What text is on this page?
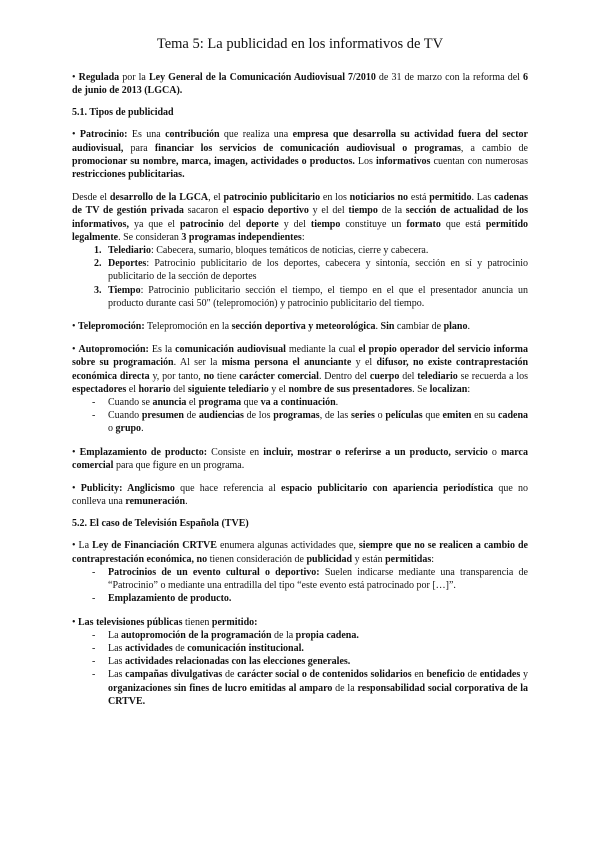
Tema 5: La publicidad en los informativos de TV

• Regulada por la Ley General de la Comunicación Audiovisual 7/2010 de 31 de marzo con la reforma del 6 de junio de 2013 (LGCA).

5.1. Tipos de publicidad

• Patrocinio: Es una contribución que realiza una empresa que desarrolla su actividad fuera del sector audiovisual, para financiar los servicios de comunicación audiovisual o programas, a cambio de promocionar su nombre, marca, imagen, actividades o productos. Los informativos cuentan con numerosas restricciones publicitarias.

Desde el desarrollo de la LGCA, el patrocinio publicitario en los noticiarios no está permitido. Las cadenas de TV de gestión privada sacaron el espacio deportivo y el del tiempo de la sección de actualidad de los informativos, ya que el patrocinio del deporte y del tiempo constituye un formato que está permitido legalmente. Se consideran 3 programas independientes:

1. Telediario: Cabecera, sumario, bloques temáticos de noticias, cierre y cabecera.
2. Deportes: Patrocinio publicitario de los deportes, cabecera y sintonía, sección en sí y patrocinio publicitario de la sección de deportes
3. Tiempo: Patrocinio publicitario sección el tiempo, el tiempo en el que el presentador anuncia un producto durante casi 50" (telepromoción) y patrocinio publicitario del tiempo.

• Telepromoción: Telepromoción en la sección deportiva y meteorológica. Sin cambiar de plano.

• Autopromoción: Es la comunicación audiovisual mediante la cual el propio operador del servicio informa sobre su programación. Al ser la misma persona el anunciante y el difusor, no existe contraprestación económica directa y, por tanto, no tiene carácter comercial. Dentro del cuerpo del telediario se recuerda a los espectadores el horario del siguiente telediario y el nombre de sus presentadores. Se localizan:

- Cuando se anuncia el programa que va a continuación.
- Cuando presumen de audiencias de los programas, de las series o películas que emiten en su cadena o grupo.

• Emplazamiento de producto: Consiste en incluir, mostrar o referirse a un producto, servicio o marca comercial para que figure en un programa.

• Publicity: Anglicismo que hace referencia al espacio publicitario con apariencia periodística que no conlleva una remuneración.

5.2. El caso de Televisión Española (TVE)

• La Ley de Financiación CRTVE enumera algunas actividades que, siempre que no se realicen a cambio de contraprestación económica, no tienen consideración de publicidad y están permitidas:

- Patrocinios de un evento cultural o deportivo: Suelen indicarse mediante una transparencia de “Patrocinio” o mediante una entradilla del tipo “este evento está patrocinado por […]”.
- Emplazamiento de producto.

• Las televisiones públicas tienen permitido:

- La autopromoción de la programación de la propia cadena.
- Las actividades de comunicación institucional.
- Las actividades relacionadas con las elecciones generales.
- Las campañas divulgativas de carácter social o de contenidos solidarios en beneficio de entidades y organizaciones sin fines de lucro emitidas al amparo de la responsabilidad social corporativa de la CRTVE.
